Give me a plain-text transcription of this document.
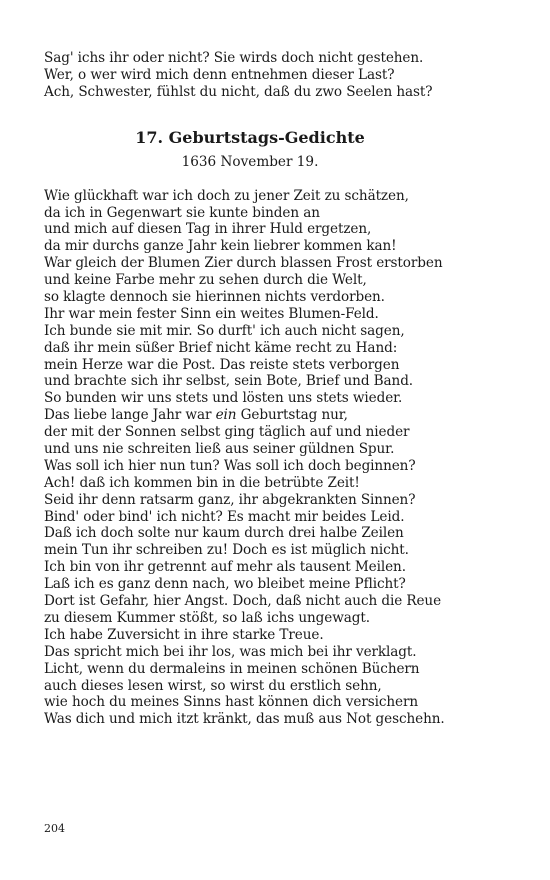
Sag' ichs ihr oder nicht? Sie wirds doch nicht gestehen.
Wer, o wer wird mich denn entnehmen dieser Last?
Ach, Schwester, fühlst du nicht, daß du zwo Seelen hast?
17. Geburtstags-Gedichte
1636 November 19.
Wie glückhaft war ich doch zu jener Zeit zu schätzen,
da ich in Gegenwart sie kunte binden an
und mich auf diesen Tag in ihrer Huld ergetzen,
da mir durchs ganze Jahr kein liebrer kommen kan!
War gleich der Blumen Zier durch blassen Frost erstorben
und keine Farbe mehr zu sehen durch die Welt,
so klagte dennoch sie hierinnen nichts verdorben.
Ihr war mein fester Sinn ein weites Blumen-Feld.
Ich bunde sie mit mir. So durft' ich auch nicht sagen,
daß ihr mein süßer Brief nicht käme recht zu Hand:
mein Herze war die Post. Das reiste stets verborgen
und brachte sich ihr selbst, sein Bote, Brief und Band.
So bunden wir uns stets und lösten uns stets wieder.
Das liebe lange Jahr war ein Geburtstag nur,
der mit der Sonnen selbst ging täglich auf und nieder
und uns nie schreiten ließ aus seiner güldnen Spur.
Was soll ich hier nun tun? Was soll ich doch beginnen?
Ach! daß ich kommen bin in die betrübte Zeit!
Seid ihr denn ratsarm ganz, ihr abgekrankten Sinnen?
Bind' oder bind' ich nicht? Es macht mir beides Leid.
Daß ich doch solte nur kaum durch drei halbe Zeilen
mein Tun ihr schreiben zu! Doch es ist müglich nicht.
Ich bin von ihr getrennt auf mehr als tausent Meilen.
Laß ich es ganz denn nach, wo bleibet meine Pflicht?
Dort ist Gefahr, hier Angst. Doch, daß nicht auch die Reue
zu diesem Kummer stößt, so laß ichs ungewagt.
Ich habe Zuversicht in ihre starke Treue.
Das spricht mich bei ihr los, was mich bei ihr verklagt.
Licht, wenn du dermaleins in meinen schönen Büchern
auch dieses lesen wirst, so wirst du erstlich sehn,
wie hoch du meines Sinns hast können dich versichern
Was dich und mich itzt kränkt, das muß aus Not geschehn.
204
